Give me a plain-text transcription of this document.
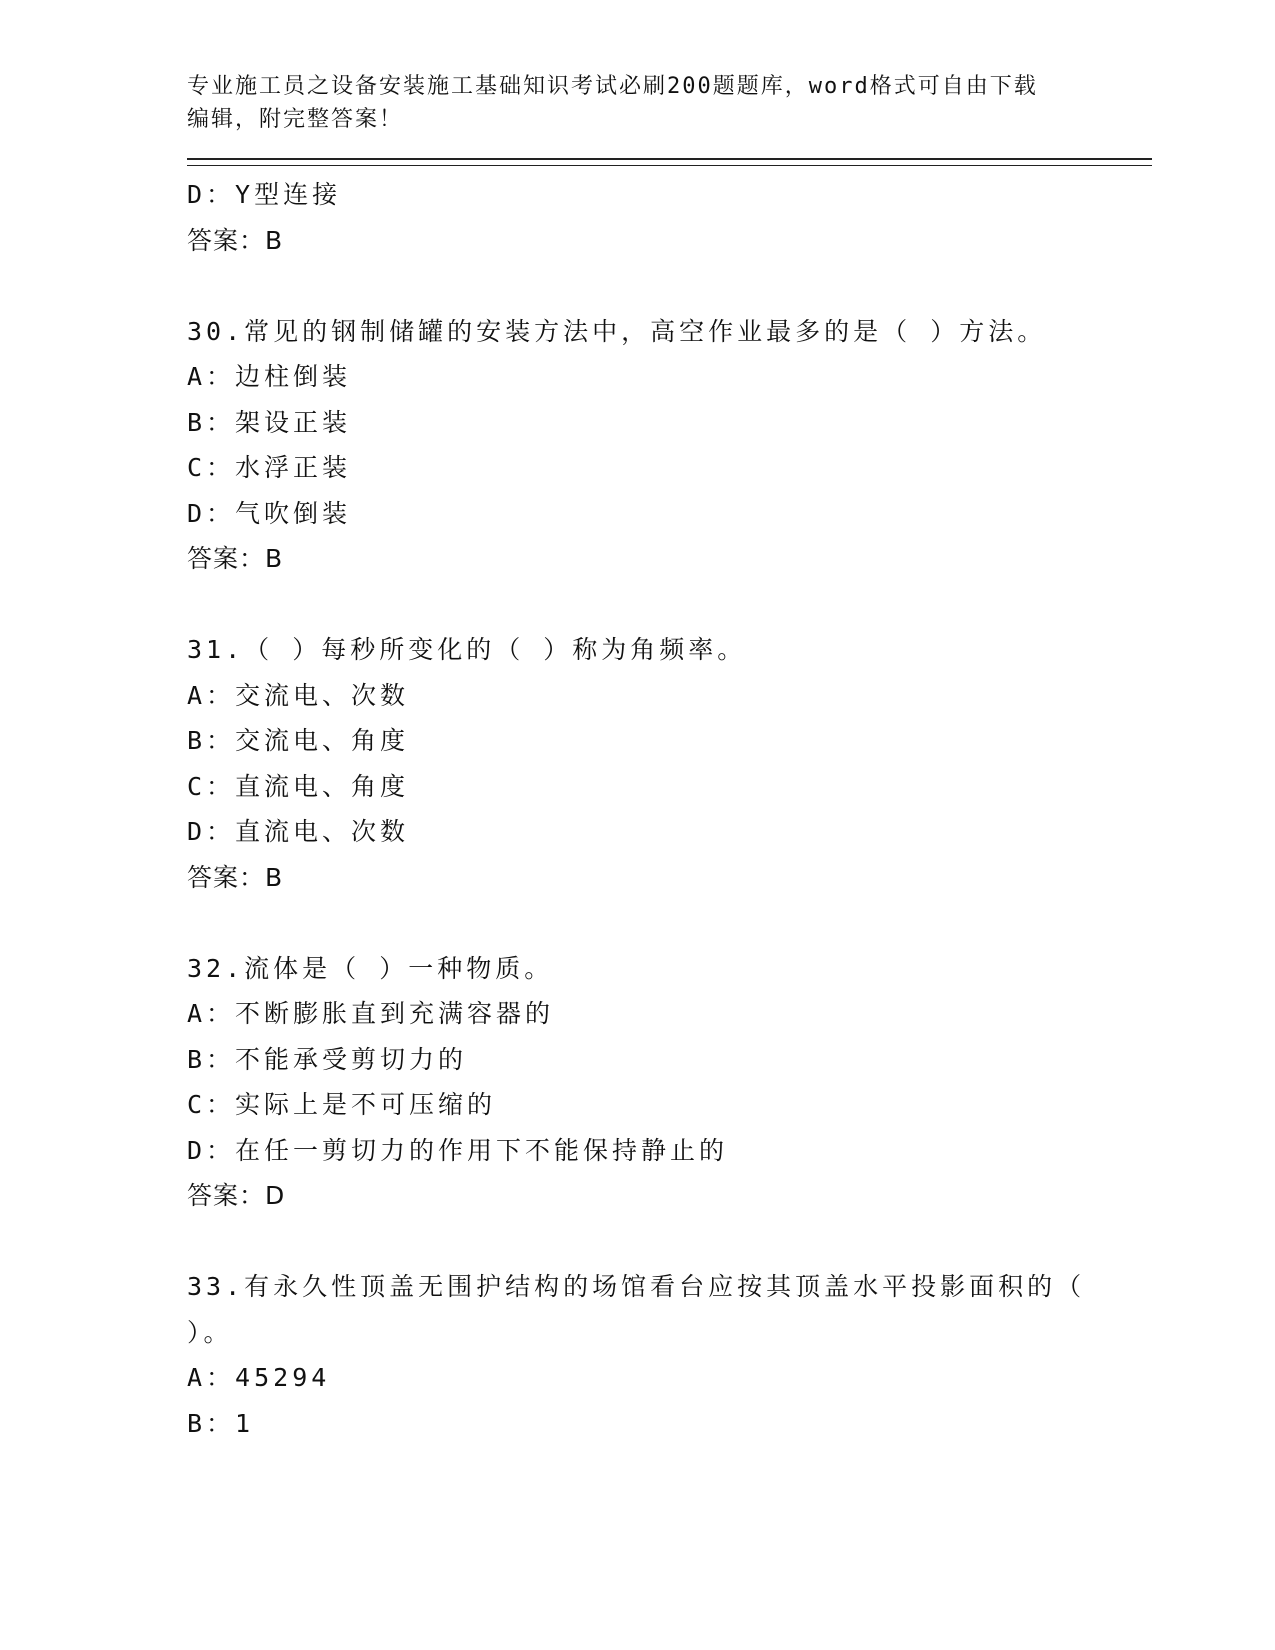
专业施工员之设备安装施工基础知识考试必刷200题题库，word格式可自由下载
编辑，附完整答案！
D：Y型连接
答案：B
30.常见的钢制储罐的安装方法中，高空作业最多的是（ ）方法。
A：边柱倒装
B：架设正装
C：水浮正装
D：气吹倒装
答案：B
31.（ ）每秒所变化的（ ）称为角频率。
A：交流电、次数
B：交流电、角度
C：直流电、角度
D：直流电、次数
答案：B
32.流体是（ ）一种物质。
A：不断膨胀直到充满容器的
B：不能承受剪切力的
C：实际上是不可压缩的
D：在任一剪切力的作用下不能保持静止的
答案：D
33.有永久性顶盖无围护结构的场馆看台应按其顶盖水平投影面积的（
）。
A：45294
B：1
